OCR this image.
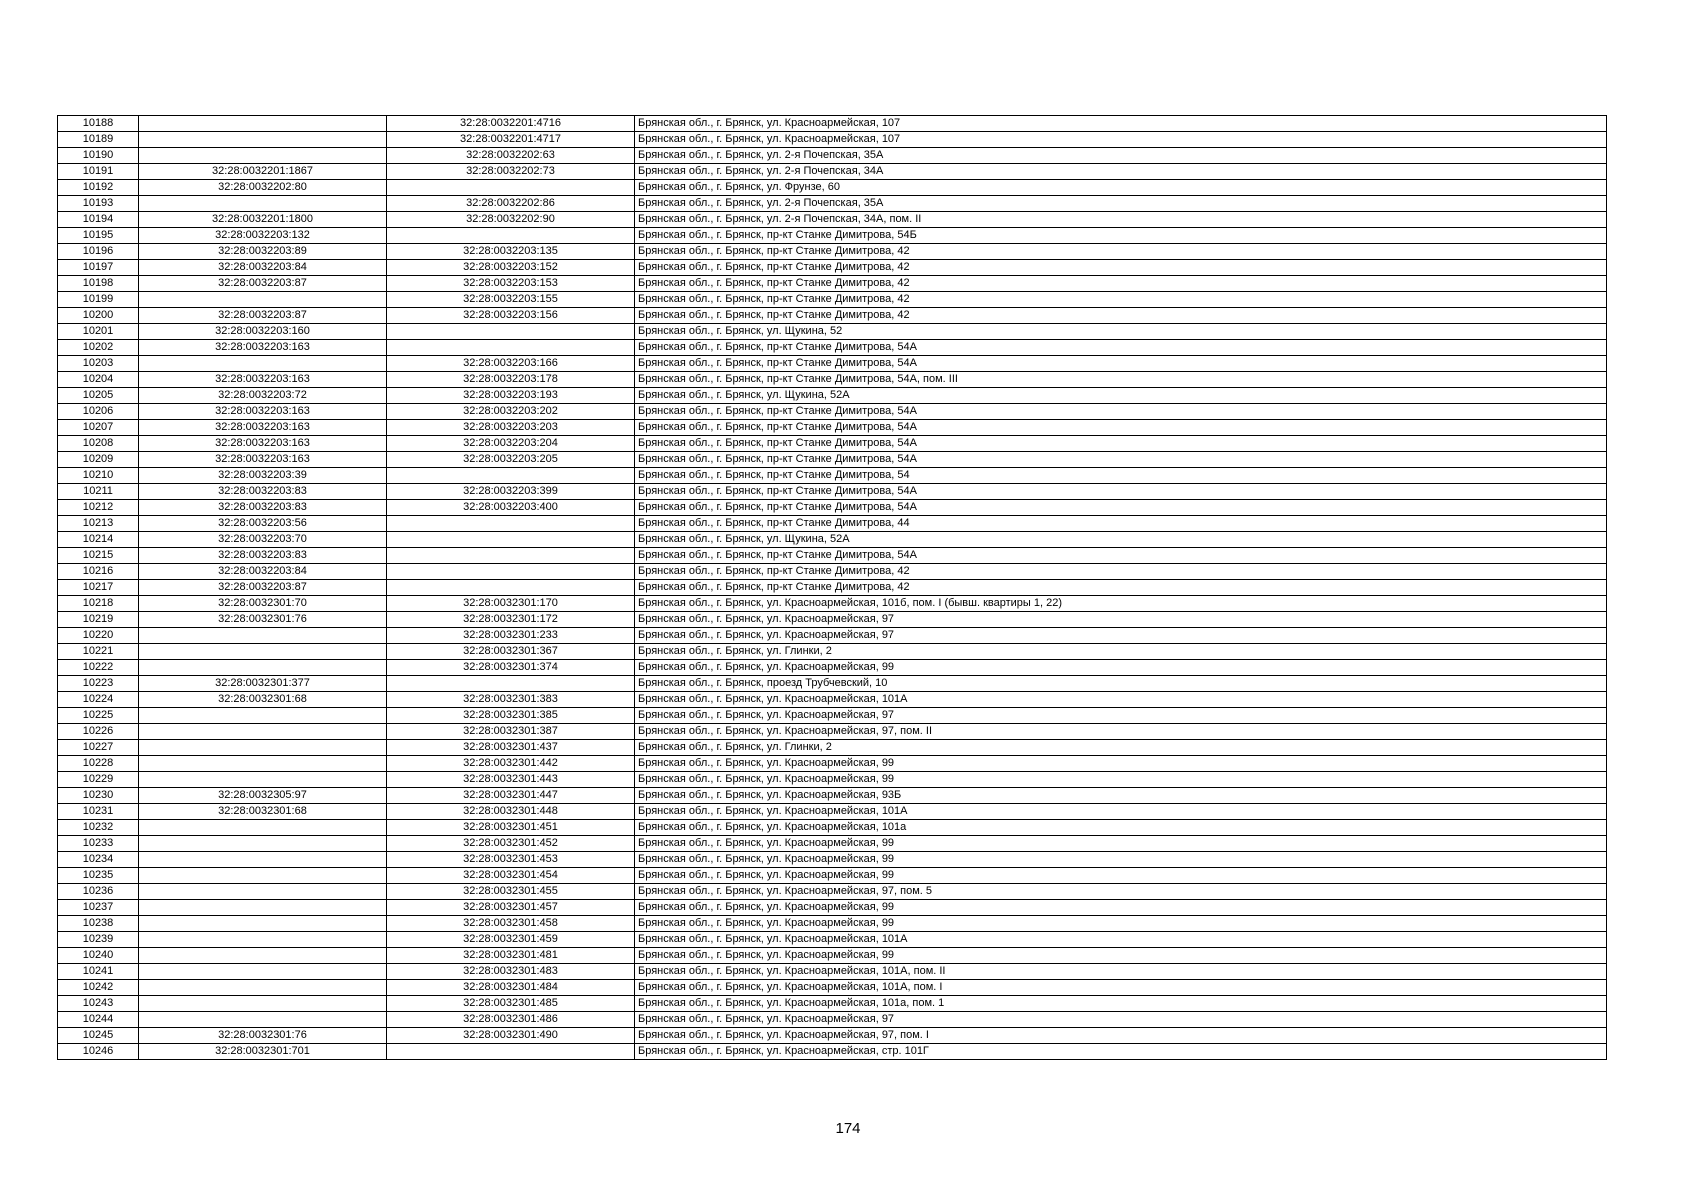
10188		32:28:0032201:4716	Брянская обл., г. Брянск, ул. Красноармейская, 107
10189		32:28:0032201:4717	Брянская обл., г. Брянск, ул. Красноармейская, 107
10190		32:28:0032202:63	Брянская обл., г. Брянск, ул. 2-я Почепская, 35А
10191	32:28:0032201:1867	32:28:0032202:73	Брянская обл., г. Брянск, ул. 2-я Почепская, 34А
10192	32:28:0032202:80		Брянская обл., г. Брянск, ул. Фрунзе, 60
10193		32:28:0032202:86	Брянская обл., г. Брянск, ул. 2-я Почепская, 35А
10194	32:28:0032201:1800	32:28:0032202:90	Брянская обл., г. Брянск, ул. 2-я Почепская, 34А, пом. II
10195	32:28:0032203:132		Брянская обл., г. Брянск, пр-кт Станке Димитрова, 54Б
10196	32:28:0032203:89	32:28:0032203:135	Брянская обл., г. Брянск, пр-кт Станке Димитрова, 42
10197	32:28:0032203:84	32:28:0032203:152	Брянская обл., г. Брянск, пр-кт Станке Димитрова, 42
10198	32:28:0032203:87	32:28:0032203:153	Брянская обл., г. Брянск, пр-кт Станке Димитрова, 42
10199		32:28:0032203:155	Брянская обл., г. Брянск, пр-кт Станке Димитрова, 42
10200	32:28:0032203:87	32:28:0032203:156	Брянская обл., г. Брянск, пр-кт Станке Димитрова, 42
10201	32:28:0032203:160		Брянская обл., г. Брянск, ул. Щукина, 52
10202	32:28:0032203:163		Брянская обл., г. Брянск, пр-кт Станке Димитрова, 54А
10203		32:28:0032203:166	Брянская обл., г. Брянск, пр-кт Станке Димитрова, 54А
10204	32:28:0032203:163	32:28:0032203:178	Брянская обл., г. Брянск, пр-кт Станке Димитрова, 54А, пом. III
10205	32:28:0032203:72	32:28:0032203:193	Брянская обл., г. Брянск, ул. Щукина, 52А
10206	32:28:0032203:163	32:28:0032203:202	Брянская обл., г. Брянск, пр-кт Станке Димитрова, 54А
10207	32:28:0032203:163	32:28:0032203:203	Брянская обл., г. Брянск, пр-кт Станке Димитрова, 54А
10208	32:28:0032203:163	32:28:0032203:204	Брянская обл., г. Брянск, пр-кт Станке Димитрова, 54А
10209	32:28:0032203:163	32:28:0032203:205	Брянская обл., г. Брянск, пр-кт Станке Димитрова, 54А
10210	32:28:0032203:39		Брянская обл., г. Брянск, пр-кт Станке Димитрова, 54
10211	32:28:0032203:83	32:28:0032203:399	Брянская обл., г. Брянск, пр-кт Станке Димитрова, 54А
10212	32:28:0032203:83	32:28:0032203:400	Брянская обл., г. Брянск, пр-кт Станке Димитрова, 54А
10213	32:28:0032203:56		Брянская обл., г. Брянск, пр-кт Станке Димитрова, 44
10214	32:28:0032203:70		Брянская обл., г. Брянск, ул. Щукина, 52А
10215	32:28:0032203:83		Брянская обл., г. Брянск, пр-кт Станке Димитрова, 54А
10216	32:28:0032203:84		Брянская обл., г. Брянск, пр-кт Станке Димитрова, 42
10217	32:28:0032203:87		Брянская обл., г. Брянск, пр-кт Станке Димитрова, 42
10218	32:28:0032301:70	32:28:0032301:170	Брянская обл., г. Брянск, ул. Красноармейская, 101б, пом. I (бывш. квартиры 1, 22)
10219	32:28:0032301:76	32:28:0032301:172	Брянская обл., г. Брянск, ул. Красноармейская, 97
10220		32:28:0032301:233	Брянская обл., г. Брянск, ул. Красноармейская, 97
10221		32:28:0032301:367	Брянская обл., г. Брянск, ул. Глинки, 2
10222		32:28:0032301:374	Брянская обл., г. Брянск, ул. Красноармейская, 99
10223	32:28:0032301:377		Брянская обл., г. Брянск, проезд Трубчевский, 10
10224	32:28:0032301:68	32:28:0032301:383	Брянская обл., г. Брянск, ул. Красноармейская, 101А
10225		32:28:0032301:385	Брянская обл., г. Брянск, ул. Красноармейская, 97
10226		32:28:0032301:387	Брянская обл., г. Брянск, ул. Красноармейская, 97, пом. II
10227		32:28:0032301:437	Брянская обл., г. Брянск, ул. Глинки, 2
10228		32:28:0032301:442	Брянская обл., г. Брянск, ул. Красноармейская, 99
10229		32:28:0032301:443	Брянская обл., г. Брянск, ул. Красноармейская, 99
10230	32:28:0032305:97	32:28:0032301:447	Брянская обл., г. Брянск, ул. Красноармейская, 93Б
10231	32:28:0032301:68	32:28:0032301:448	Брянская обл., г. Брянск, ул. Красноармейская, 101А
10232		32:28:0032301:451	Брянская обл., г. Брянск, ул. Красноармейская, 101а
10233		32:28:0032301:452	Брянская обл., г. Брянск, ул. Красноармейская, 99
10234		32:28:0032301:453	Брянская обл., г. Брянск, ул. Красноармейская, 99
10235		32:28:0032301:454	Брянская обл., г. Брянск, ул. Красноармейская, 99
10236		32:28:0032301:455	Брянская обл., г. Брянск, ул. Красноармейская, 97, пом. 5
10237		32:28:0032301:457	Брянская обл., г. Брянск, ул. Красноармейская, 99
10238		32:28:0032301:458	Брянская обл., г. Брянск, ул. Красноармейская, 99
10239		32:28:0032301:459	Брянская обл., г. Брянск, ул. Красноармейская, 101А
10240		32:28:0032301:481	Брянская обл., г. Брянск, ул. Красноармейская, 99
10241		32:28:0032301:483	Брянская обл., г. Брянск, ул. Красноармейская, 101А, пом. II
10242		32:28:0032301:484	Брянская обл., г. Брянск, ул. Красноармейская, 101А, пом. I
10243		32:28:0032301:485	Брянская обл., г. Брянск, ул. Красноармейская, 101а, пом. 1
10244		32:28:0032301:486	Брянская обл., г. Брянск, ул. Красноармейская, 97
10245	32:28:0032301:76	32:28:0032301:490	Брянская обл., г. Брянск, ул. Красноармейская, 97, пом. I
10246	32:28:0032301:701		Брянская обл., г. Брянск, ул. Красноармейская, стр. 101Г
174
